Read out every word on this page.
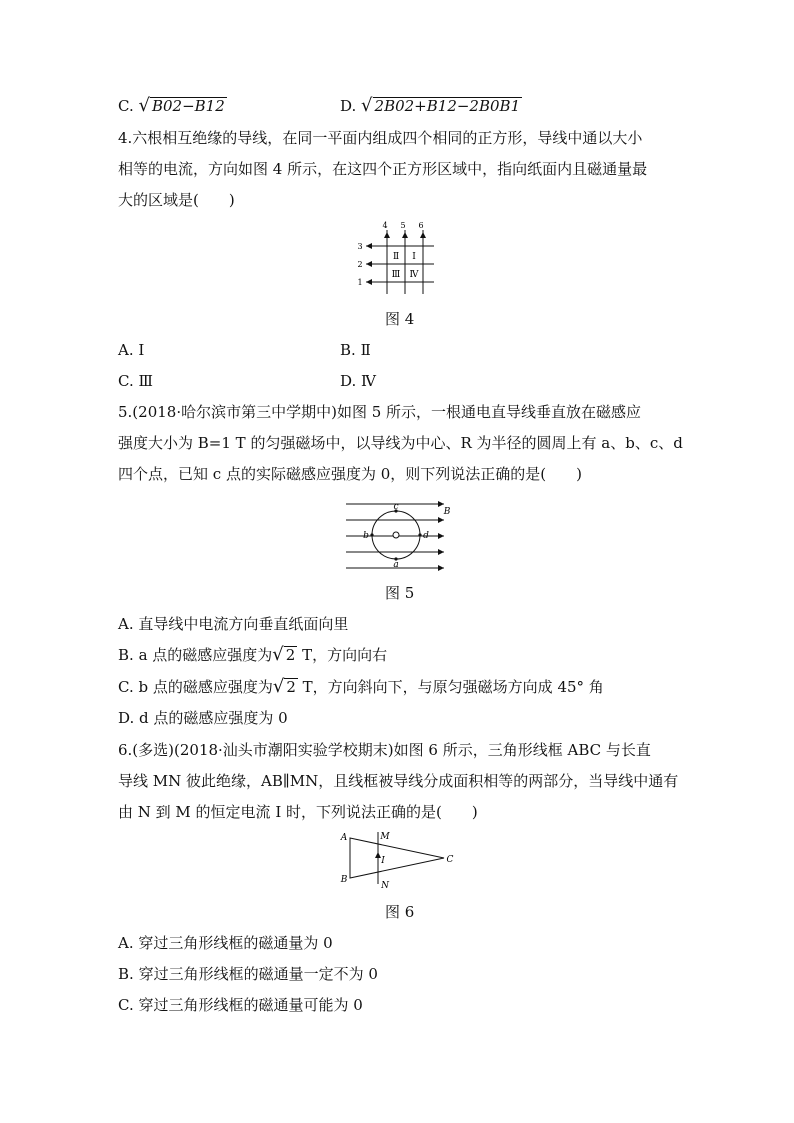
C. √ B02−B12	D. √ 2B02+B12−2B0B1
4.六根相互绝缘的导线，在同一平面内组成四个相同的正方形，导线中通以大小
相等的电流，方向如图 4 所示，在这四个正方形区域中，指向纸面内且磁通量最
大的区域是(　　)
4 5 6
3
2
1
Ⅱ Ⅰ
Ⅲ Ⅳ
图 4
A. Ⅰ	B. Ⅱ
C. Ⅲ	D. Ⅳ
5.(2018·哈尔滨市第三中学期中)如图 5 所示，一根通电直导线垂直放在磁感应
强度大小为 B=1 T 的匀强磁场中，以导线为中心、R 为半径的圆周上有 a、b、c、d
四个点，已知 c 点的实际磁感应强度为 0，则下列说法正确的是(　　)
c
b	d
a
B
图 5
A. 直导线中电流方向垂直纸面向里
B. a 点的磁感应强度为√ 2 T，方向向右
C. b 点的磁感应强度为√ 2 T，方向斜向下，与原匀强磁场方向成 45° 角
D. d 点的磁感应强度为 0
6.(多选)(2018·汕头市潮阳实验学校期末)如图 6 所示，三角形线框 ABC 与长直
导线 MN 彼此绝缘，AB∥MN，且线框被导线分成面积相等的两部分，当导线中通有
由 N 到 M 的恒定电流 I 时，下列说法正确的是(　　)
A
B
C
M
N
I
图 6
A. 穿过三角形线框的磁通量为 0
B. 穿过三角形线框的磁通量一定不为 0
C. 穿过三角形线框的磁通量可能为 0
